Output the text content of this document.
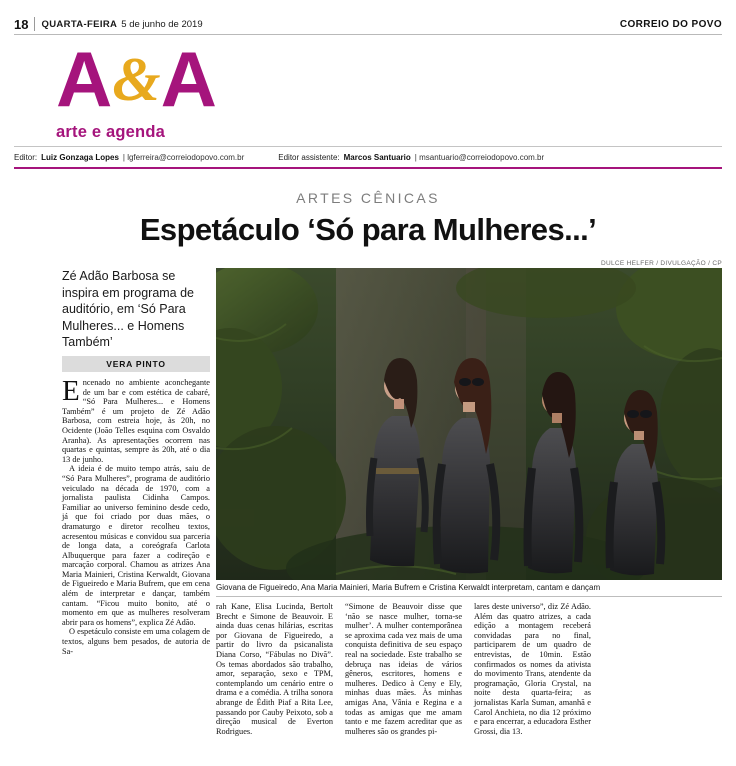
18 QUARTA-FEIRA 5 de junho de 2019	CORREIO DO POVO
A&A
arte e agenda
Editor: Luiz Gonzaga Lopes | lgferreira@correiodopovo.com.br	Editor assistente: Marcos Santuario | msantuario@correiodopovo.com.br
ARTES CÊNICAS
Espetáculo ‘Só para Mulheres...’
Zé Adão Barbosa se inspira em programa de auditório, em ‘Só Para Mulheres... e Homens Também’
VERA PINTO
DULCE HELFER / DIVULGAÇÃO / CP
Giovana de Figueiredo, Ana Maria Mainieri, Maria Bufrem e Cristina Kerwaldt interpretam, cantam e dançam

Encenado no ambiente aconchegante de um bar e com estética de cabaré, “Só Para Mulheres... e Homens Também” é um projeto de Zé Adão Barbosa, com estreia hoje, às 20h, no Ocidente (João Telles esquina com Osvaldo Aranha). As apresentações ocorrem nas quartas e quintas, sempre às 20h, até o dia 13 de junho.

A ideia é de muito tempo atrás, saiu de “Só Para Mulheres”, programa de auditório veiculado na década de 1970, com a jornalista paulista Cidinha Campos. Familiar ao universo feminino desde cedo, já que foi criado por duas mães, o dramaturgo e diretor recolheu textos, acresentou músicas e convidou sua parceria de longa data, a coreógrafa Carlota Albuquerque para fazer a codireção e marcação corporal. Chamou as atrizes Ana Maria Mainieri, Cristina Kerwaldt, Giovana de Figueiredo e Maria Bufrem, que em cena além de interpretar e dançar, também cantam. “Ficou muito bonito, até o momento em que as mulheres resolveram abrir para os homens”, explica Zé Adão.

O espetáculo consiste em uma colagem de textos, alguns bem pesados, de autoria de Sa-

rah Kane, Elisa Lucinda, Bertolt Brecht e Simone de Beauvoir. E ainda duas cenas hilárias, escritas por Giovana de Figueiredo, a partir do livro da psicanalista Diana Corso, “Fábulas no Divã”. Os temas abordados são trabalho, amor, separação, sexo e TPM, contemplando um cenário entre o drama e a comédia. A trilha sonora abrange de Édith Piaf a Rita Lee, passando por Cauby Peixoto, sob a direção musical de Everton Rodrigues.

“Simone de Beauvoir disse que ‘não se nasce mulher, torna-se mulher’. A mulher contemporânea se aproxima cada vez mais de uma conquista definitiva de seu espaço real na sociedade. Este trabalho se debruça nas ideias de vários gêneros, escritores, homens e mulheres. Dedico à Ceny e Ely, minhas duas mães. Às minhas amigas Ana, Vânia e Regina e a todas as amigas que me amam tanto e me fazem acreditar que as mulheres são os grandes pi-

lares deste universo”, diz Zé Adão. Além das quatro atrizes, a cada edição a montagem receberá convidadas para no final, participarem de um quadro de entrevistas, de 10min. Estão confirmados os nomes da ativista do movimento Trans, atendente da programação, Gloria Crystal, na noite desta quarta-feira; as jornalistas Karla Suman, amanhã e Carol Anchieta, no dia 12 próximo e para encerrar, a educadora Esther Grossi, dia 13.
